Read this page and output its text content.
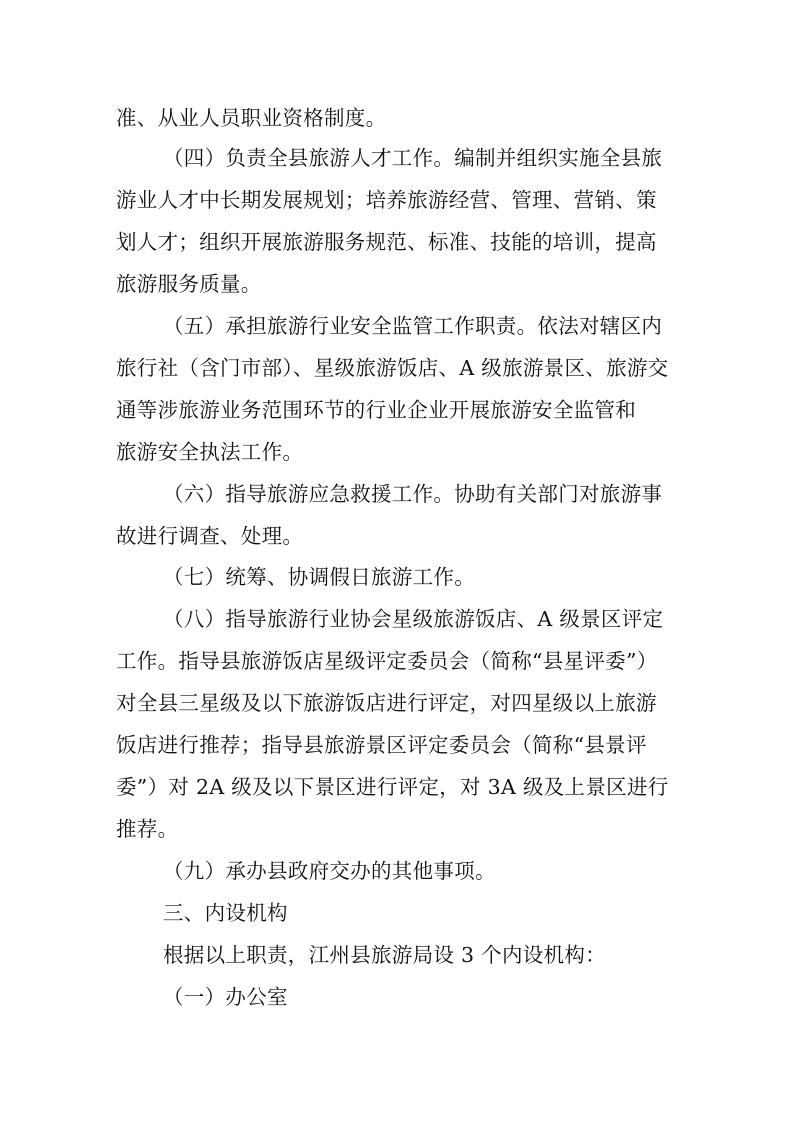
准、从业人员职业资格制度。
（四）负责全县旅游人才工作。编制并组织实施全县旅
游业人才中长期发展规划；培养旅游经营、管理、营销、策
划人才；组织开展旅游服务规范、标准、技能的培训，提高
旅游服务质量。
（五）承担旅游行业安全监管工作职责。依法对辖区内
旅行社（含门市部）、星级旅游饭店、A 级旅游景区、旅游交
通等涉旅游业务范围环节的行业企业开展旅游安全监管和
旅游安全执法工作。
（六）指导旅游应急救援工作。协助有关部门对旅游事
故进行调查、处理。
（七）统筹、协调假日旅游工作。
（八）指导旅游行业协会星级旅游饭店、A 级景区评定
工作。指导县旅游饭店星级评定委员会（简称“县星评委”）
对全县三星级及以下旅游饭店进行评定，对四星级以上旅游
饭店进行推荐；指导县旅游景区评定委员会（简称“县景评
委”）对 2A 级及以下景区进行评定，对 3A 级及上景区进行
推荐。
（九）承办县政府交办的其他事项。
三、内设机构
根据以上职责，江州县旅游局设 3 个内设机构：
（一）办公室
